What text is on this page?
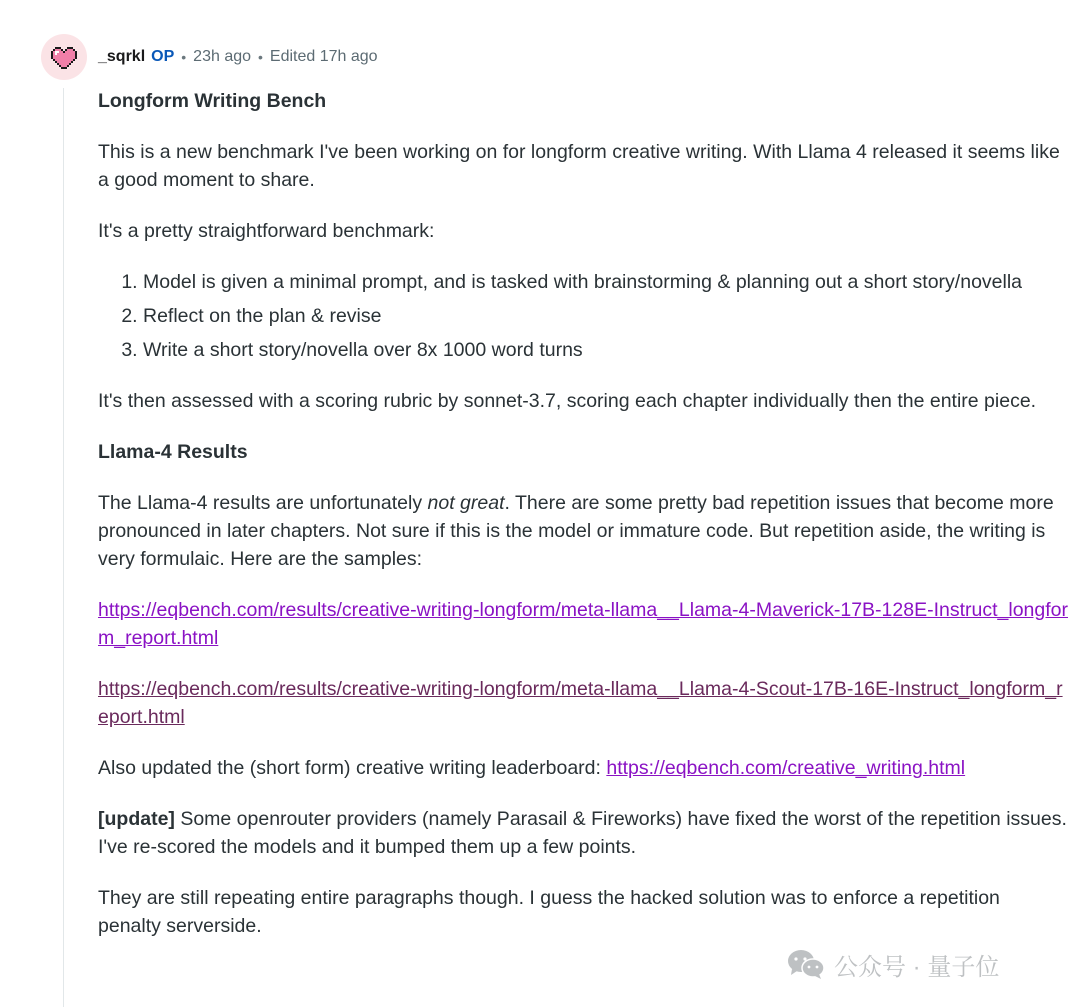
_sqrkl OP • 23h ago • Edited 17h ago
Longform Writing Bench

This is a new benchmark I've been working on for longform creative writing. With Llama 4 released it seems like a good moment to share.

It's a pretty straightforward benchmark:

1. Model is given a minimal prompt, and is tasked with brainstorming & planning out a short story/novella
2. Reflect on the plan & revise
3. Write a short story/novella over 8x 1000 word turns

It's then assessed with a scoring rubric by sonnet-3.7, scoring each chapter individually then the entire piece.

Llama-4 Results

The Llama-4 results are unfortunately not great. There are some pretty bad repetition issues that become more pronounced in later chapters. Not sure if this is the model or immature code. But repetition aside, the writing is very formulaic. Here are the samples:

https://eqbench.com/results/creative-writing-longform/meta-llama__Llama-4-Maverick-17B-128E-Instruct_longform_report.html

https://eqbench.com/results/creative-writing-longform/meta-llama__Llama-4-Scout-17B-16E-Instruct_longform_report.html

Also updated the (short form) creative writing leaderboard: https://eqbench.com/creative_writing.html

[update] Some openrouter providers (namely Parasail & Fireworks) have fixed the worst of the repetition issues. I've re-scored the models and it bumped them up a few points.

They are still repeating entire paragraphs though. I guess the hacked solution was to enforce a repetition penalty serverside.

公众号 · 量子位
